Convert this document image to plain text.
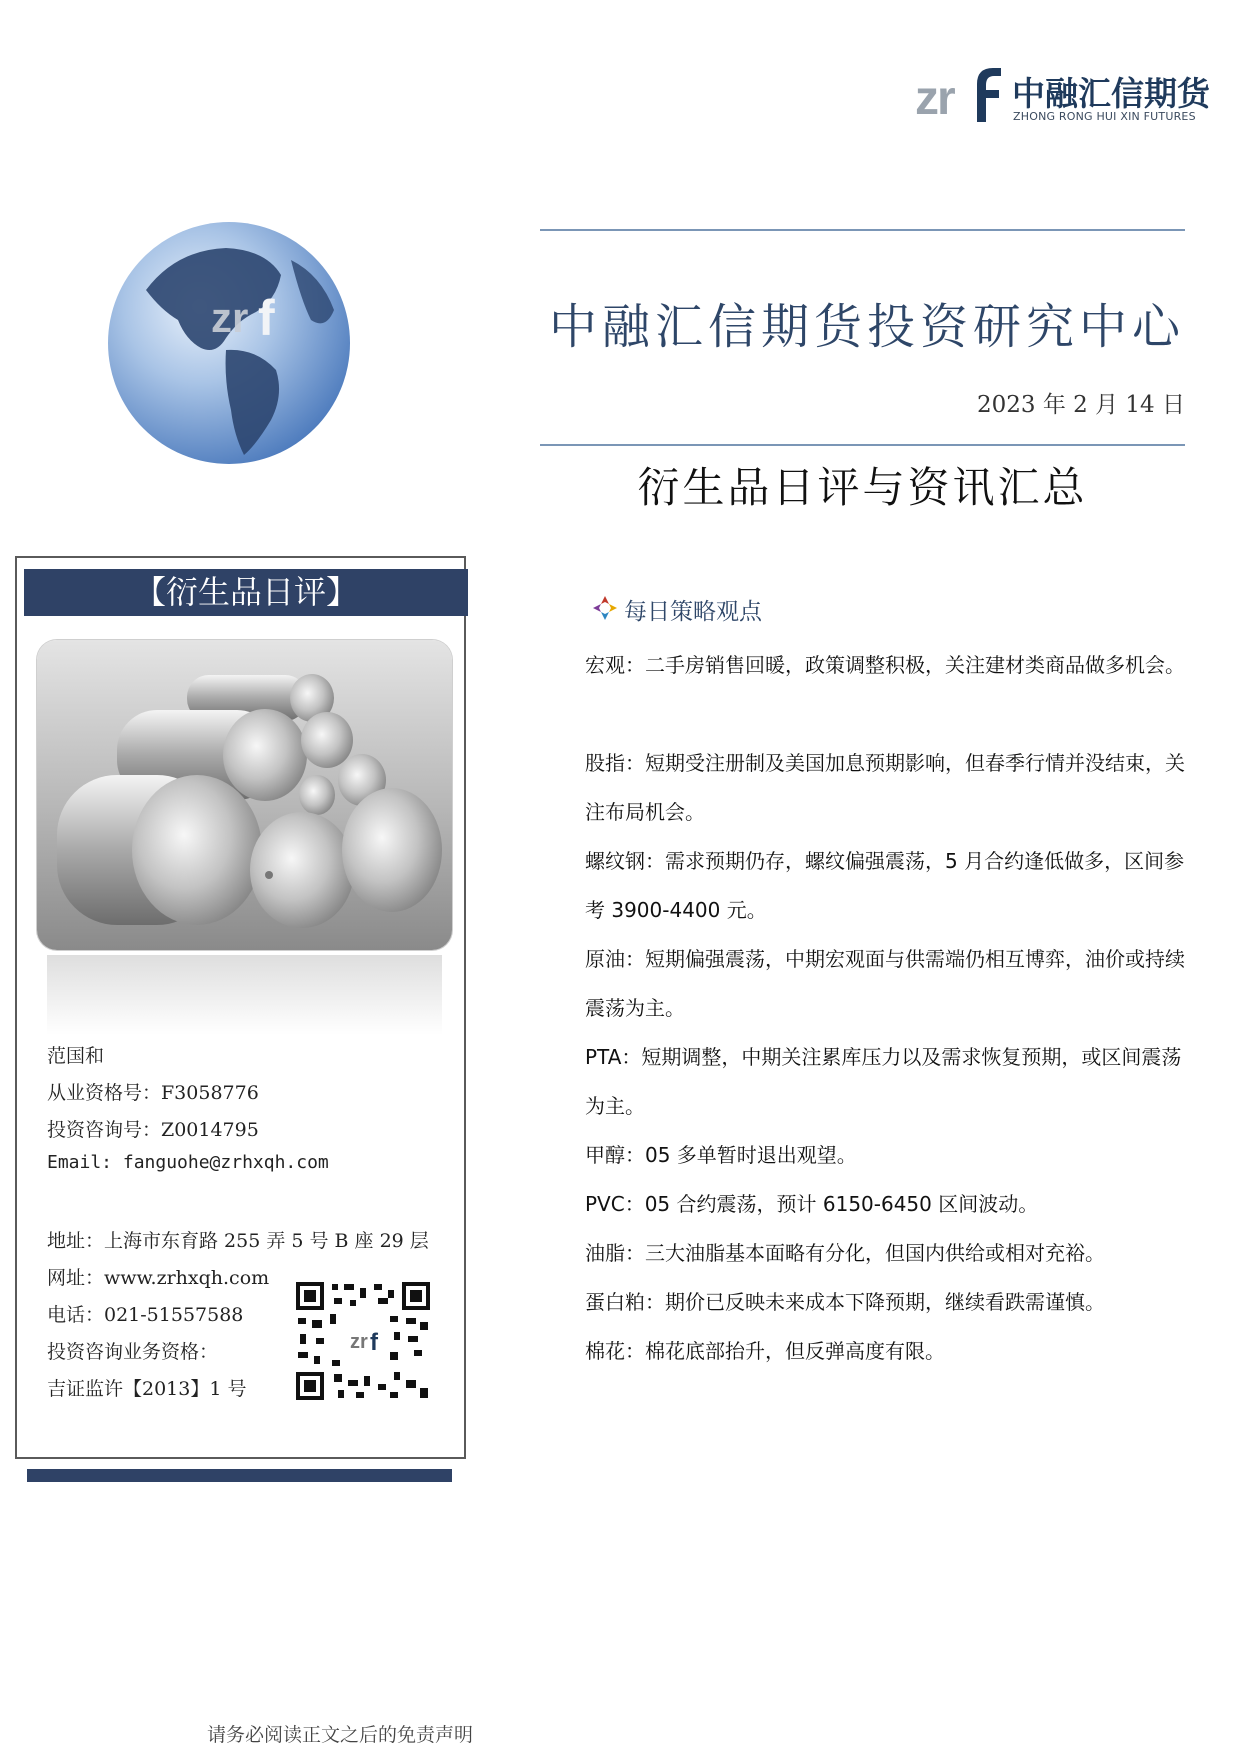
zr 中融汇信期货
ZHONG RONG HUI XIN FUTURES
zr f	中融汇信期货投资研究中心
2023 年 2 月 14 日
衍生品日评与资讯汇总
【衍生品日评】
范国和
从业资格号：F3058776
投资咨询号：Z0014795
Email: fanguohe@zrhxqh.com
地址：上海市东育路 255 弄 5 号 B 座 29 层
网址：www.zrhxqh.com
电话：021-51557588
投资咨询业务资格：
吉证监许【2013】1 号
zr f
每日策略观点
宏观：二手房销售回暖，政策调整积极，关注建材类商品做多机会。
股指：短期受注册制及美国加息预期影响，但春季行情并没结束，关注布局机会。
螺纹钢：需求预期仍存，螺纹偏强震荡，5 月合约逢低做多，区间参考 3900-4400 元。
原油：短期偏强震荡，中期宏观面与供需端仍相互博弈，油价或持续震荡为主。
PTA：短期调整，中期关注累库压力以及需求恢复预期，或区间震荡为主。
甲醇：05 多单暂时退出观望。
PVC：05 合约震荡，预计 6150-6450 区间波动。
油脂：三大油脂基本面略有分化，但国内供给或相对充裕。
蛋白粕：期价已反映未来成本下降预期，继续看跌需谨慎。
棉花：棉花底部抬升，但反弹高度有限。
请务必阅读正文之后的免责声明
